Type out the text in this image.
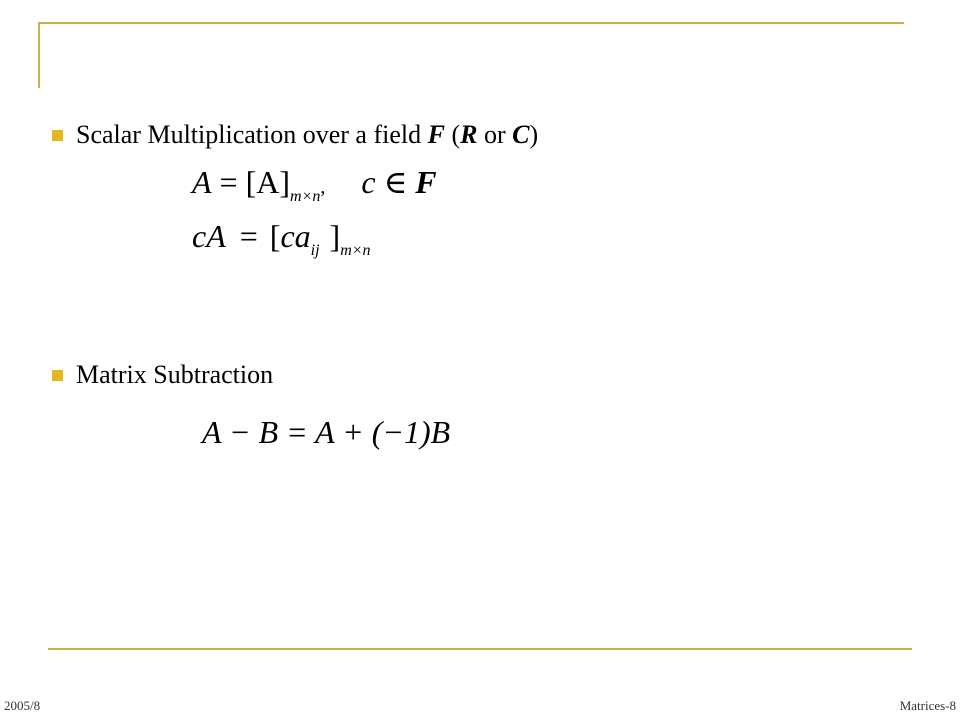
Scalar Multiplication over a field F (R or C)
$A = [A]_{m\times n}$, c ∈ F
cA = [$ca_{ij}$ ]$_{m\times n}$
Matrix Subtraction
A − B = A + (−1)B
2005/8	Matrices-8
